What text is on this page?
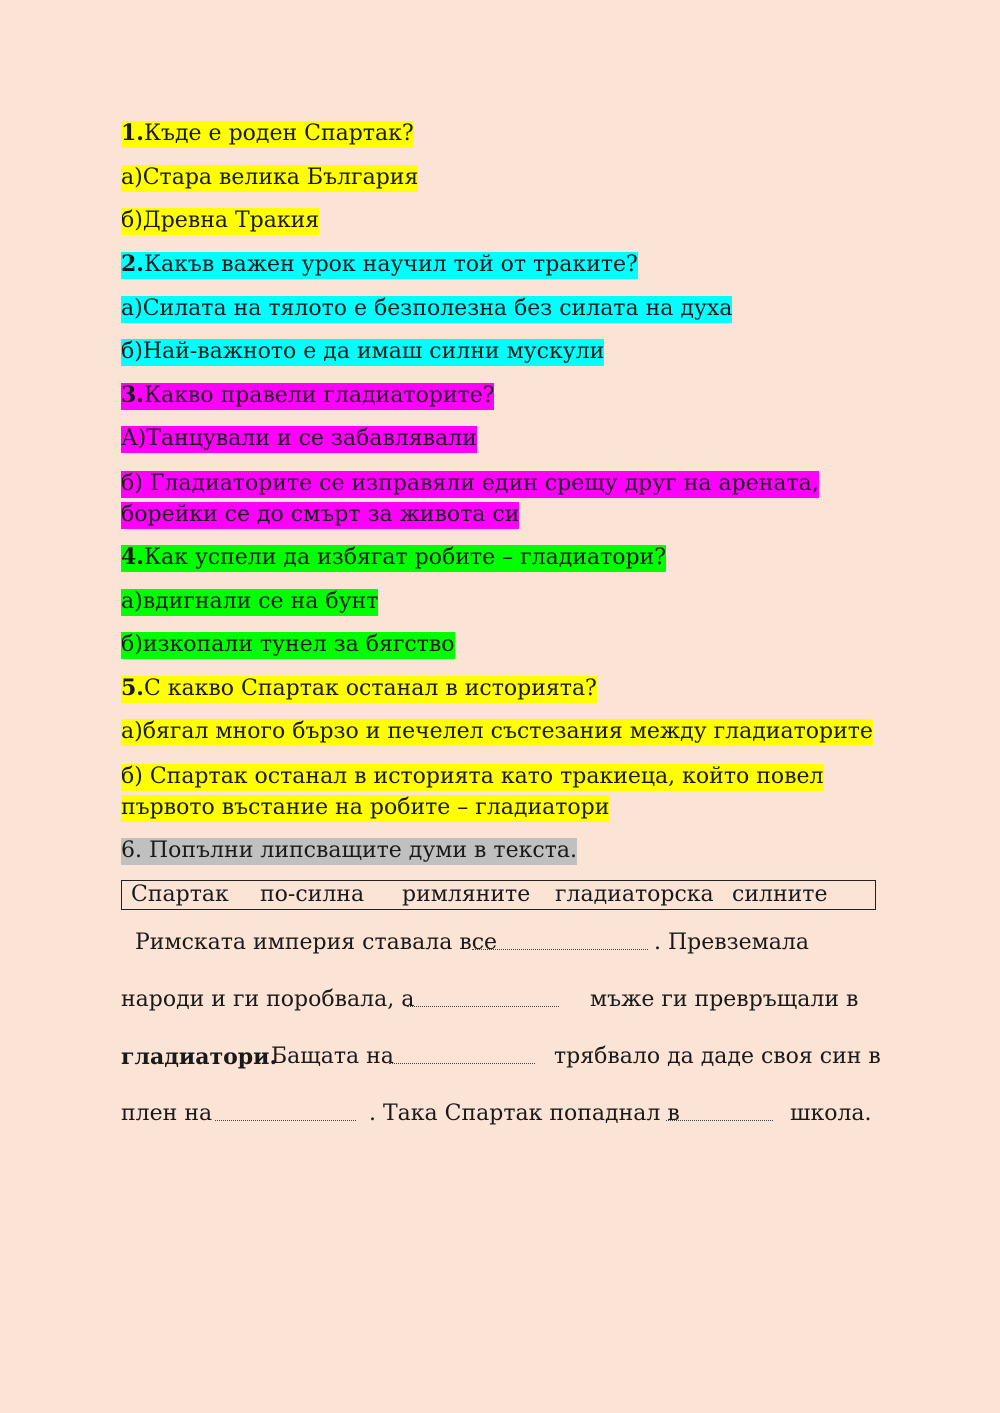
1.Къде е роден Спартак?
а)Стара велика България
б)Древна Тракия
2.Какъв важен урок научил той от траките?
а)Силата на тялото е безполезна без силата на духа
б)Най-важното е да имаш силни мускули
3.Какво правели гладиаторите?
А)Танцували и се забавлявали
б) Гладиаторите се изправяли един срещу друг на арената, борейки се до смърт за живота си
4.Как успели да избягат робите – гладиатори?
а)вдигнали се на бунт
б)изкопали тунел за бягство
5.С какво Спартак останал в историята?
а)бягал много бързо и печелел състезания между гладиаторите
б) Спартак останал в историята като тракиеца, който повел първото въстание на робите – гладиатори
6. Попълни липсващите думи в текста.
Спартак по-силна римляните гладиаторска силните
Римската империя ставала все	. Превземала
народи и ги поробвала, а	мъже ги превръщали в
гладиатори.
Бащата на	трябвало да даде своя син в
плен на	. Така Спартак попаднал в	школа.
